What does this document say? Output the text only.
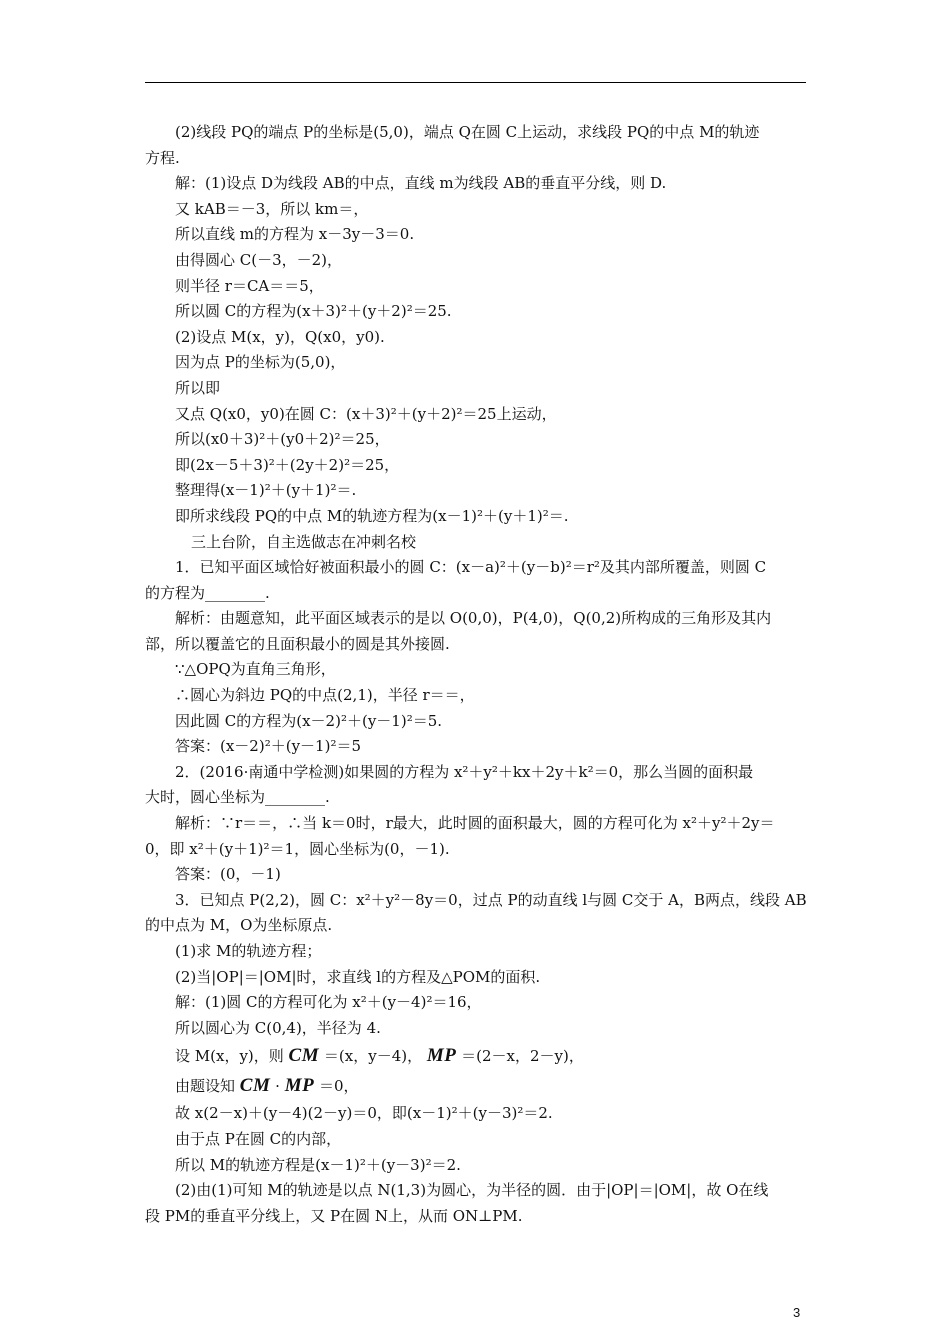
(2)线段 PQ的端点 P的坐标是(5,0)，端点 Q在圆 C上运动，求线段 PQ的中点 M的轨迹
方程.
解：(1)设点 D为线段 AB的中点，直线 m为线段 AB的垂直平分线，则 D.
又 kAB＝－3，所以 km＝，
所以直线 m的方程为 x－3y－3＝0.
由得圆心 C(－3，－2)，
则半径 r＝CA＝＝5，
所以圆 C的方程为(x＋3)²＋(y＋2)²＝25.
(2)设点 M(x，y)，Q(x0，y0).
因为点 P的坐标为(5,0)，
所以即
又点 Q(x0，y0)在圆 C：(x＋3)²＋(y＋2)²＝25上运动，
所以(x0＋3)²＋(y0＋2)²＝25，
即(2x－5＋3)²＋(2y＋2)²＝25，
整理得(x－1)²＋(y＋1)²＝.
即所求线段 PQ的中点 M的轨迹方程为(x－1)²＋(y＋1)²＝.
三上台阶，自主选做志在冲刺名校
1．已知平面区域恰好被面积最小的圆 C：(x－a)²＋(y－b)²＝r²及其内部所覆盖，则圆 C
的方程为________.
解析：由题意知，此平面区域表示的是以 O(0,0)，P(4,0)，Q(0,2)所构成的三角形及其内
部，所以覆盖它的且面积最小的圆是其外接圆.
∵△OPQ为直角三角形，
∴圆心为斜边 PQ的中点(2,1)，半径 r＝＝，
因此圆 C的方程为(x－2)²＋(y－1)²＝5.
答案：(x－2)²＋(y－1)²＝5
2．(2016·南通中学检测)如果圆的方程为 x²＋y²＋kx＋2y＋k²＝0，那么当圆的面积最
大时，圆心坐标为________.
解析：∵r＝＝，∴当 k＝0时，r最大，此时圆的面积最大，圆的方程可化为 x²＋y²＋2y＝
0，即 x²＋(y＋1)²＝1，圆心坐标为(0，－1).
答案：(0，－1)
3．已知点 P(2,2)，圆 C：x²＋y²－8y＝0，过点 P的动直线 l与圆 C交于 A，B两点，线段 AB
的中点为 M，O为坐标原点.
(1)求 M的轨迹方程；
(2)当|OP|＝|OM|时，求直线 l的方程及△POM的面积.
解：(1)圆 C的方程可化为 x²＋(y－4)²＝16，
所以圆心为 C(0,4)，半径为 4.
设 M(x，y)，则 CM ＝(x，y－4)， MP ＝(2－x，2－y)，
由题设知 CM · MP ＝0，
故 x(2－x)＋(y－4)(2－y)＝0，即(x－1)²＋(y－3)²＝2.
由于点 P在圆 C的内部，
所以 M的轨迹方程是(x－1)²＋(y－3)²＝2.
(2)由(1)可知 M的轨迹是以点 N(1,3)为圆心，为半径的圆．由于|OP|＝|OM|，故 O在线
段 PM的垂直平分线上，又 P在圆 N上，从而 ON⊥PM.
3
